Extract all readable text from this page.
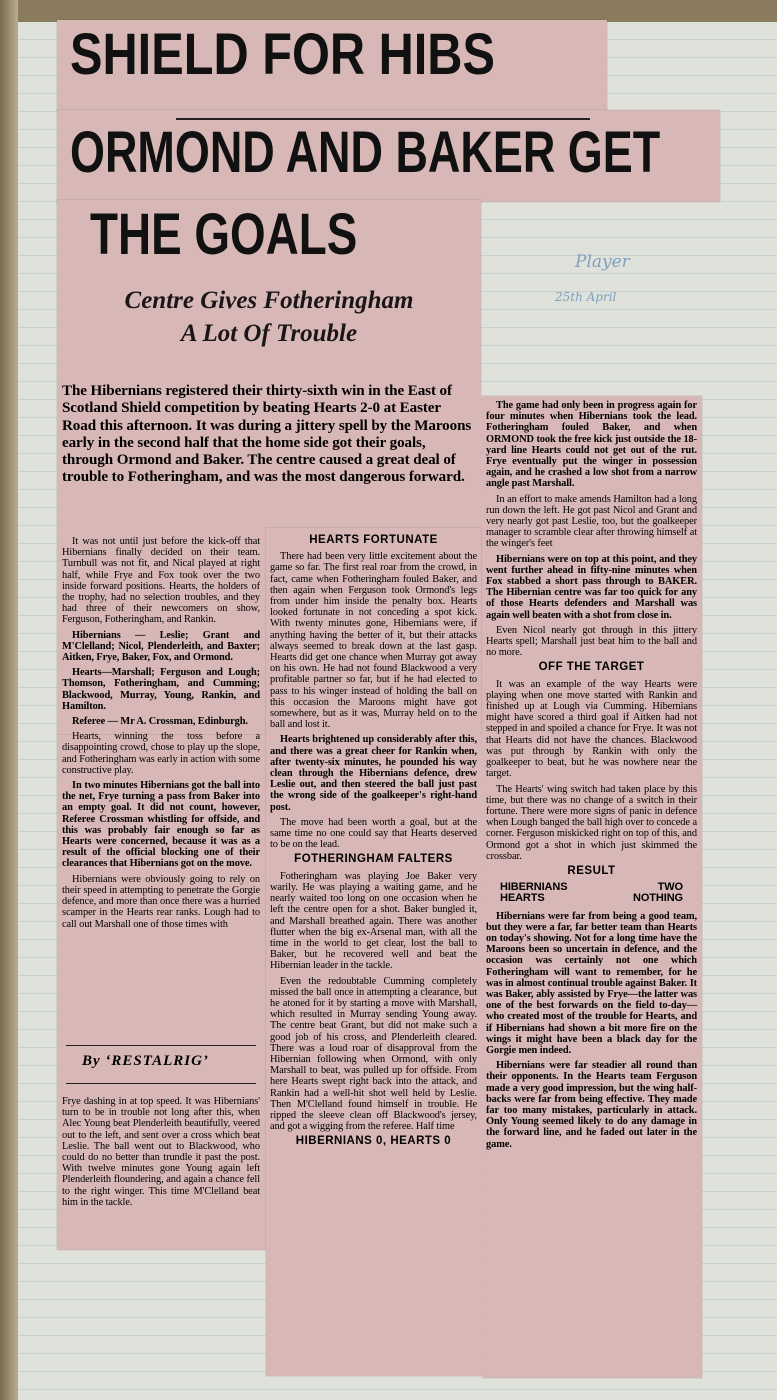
SHIELD FOR HIBS
ORMOND AND BAKER GET
THE GOALS
Centre Gives Fotheringham
A Lot Of Trouble

The Hibernians registered their thirty-sixth win in the East of Scotland Shield competition by beating Hearts 2-0 at Easter Road this afternoon. It was during a jittery spell by the Maroons early in the second half that the home side got their goals, through Ormond and Baker. The centre caused a great deal of trouble to Fotheringham, and was the most dangerous forward.

Player
25th April

It was not until just before the kick-off that Hibernians finally decided on their team. Turnbull was not fit, and Nical played at right half, while Frye and Fox took over the two inside forward positions. Hearts, the holders of the trophy, had no selection troubles, and they had three of their newcomers on show, Ferguson, Fotheringham, and Rankin.

Hibernians — Leslie; Grant and M'Clelland; Nicol, Plenderleith, and Baxter; Aitken, Frye, Baker, Fox, and Ormond.

Hearts—Marshall; Ferguson and Lough; Thomson, Fotheringham, and Cumming; Blackwood, Murray, Young, Rankin, and Hamilton.

Referee — Mr A. Crossman, Edinburgh.

Hearts, winning the toss before a disappointing crowd, chose to play up the slope, and Fotheringham was early in action with some constructive play.

In two minutes Hibernians got the ball into the net, Frye turning a pass from Baker into an empty goal. It did not count, however, Referee Crossman whistling for offside, and this was probably fair enough so far as Hearts were concerned, because it was as a result of the official blocking one of their clearances that Hibernians got on the move.

Hibernians were obviously going to rely on their speed in attempting to penetrate the Gorgie defence, and more than once there was a hurried scamper in the Hearts rear ranks. Lough had to call out Marshall one of those times with

By ‘RESTALRIG’

Frye dashing in at top speed. It was Hibernians' turn to be in trouble not long after this, when Alec Young beat Plenderleith beautifully, veered out to the left, and sent over a cross which beat Leslie. The ball went out to Blackwood, who could do no better than trundle it past the post. With twelve minutes gone Young again left Plenderleith floundering, and again a chance fell to the right winger. This time M'Clelland beat him in the tackle.

HEARTS FORTUNATE

There had been very little excitement about the game so far. The first real roar from the crowd, in fact, came when Fotheringham fouled Baker, and then again when Ferguson took Ormond's legs from under him inside the penalty box. Hearts looked fortunate in not conceding a spot kick. With twenty minutes gone, Hibernians were, if anything having the better of it, but their attacks always seemed to break down at the last gasp. Hearts did get one chance when Murray got away on his own. He had not found Blackwood a very profitable partner so far, but if he had elected to pass to his winger instead of holding the ball on this occasion the Maroons might have got somewhere, but as it was, Murray held on to the ball and lost it.

Hearts brightened up considerably after this, and there was a great cheer for Rankin when, after twenty-six minutes, he pounded his way clean through the Hibernians defence, drew Leslie out, and then steered the ball just past the wrong side of the goalkeeper's right-hand post.

The move had been worth a goal, but at the same time no one could say that Hearts deserved to be on the lead.

FOTHERINGHAM FALTERS

Fotheringham was playing Joe Baker very warily. He was playing a waiting game, and he nearly waited too long on one occasion when he left the centre open for a shot. Baker bungled it, and Marshall breathed again. There was another flutter when the big ex-Arsenal man, with all the time in the world to get clear, lost the ball to Baker, but he recovered well and beat the Hibernian leader in the tackle.

Even the redoubtable Cumming completely missed the ball once in attempting a clearance, but he atoned for it by starting a move with Marshall, which resulted in Murray sending Young away. The centre beat Grant, but did not make such a good job of his cross, and Plenderleith cleared. There was a loud roar of disapproval from the Hibernian following when Ormond, with only Marshall to beat, was pulled up for offside. From here Hearts swept right back into the attack, and Rankin had a well-hit shot well held by Leslie. Then M'Clelland found himself in trouble. He ripped the sleeve clean off Blackwood's jersey, and got a wigging from the referee. Half time

HIBERNIANS 0, HEARTS 0

The game had only been in progress again for four minutes when Hibernians took the lead. Fotheringham fouled Baker, and when ORMOND took the free kick just outside the 18-yard line Hearts could not get out of the rut. Frye eventually put the winger in possession again, and he crashed a low shot from a narrow angle past Marshall.

In an effort to make amends Hamilton had a long run down the left. He got past Nicol and Grant and very nearly got past Leslie, too, but the goalkeeper manager to scramble clear after throwing himself at the winger's feet

Hibernians were on top at this point, and they went further ahead in fifty-nine minutes when Fox stabbed a short pass through to BAKER. The Hibernian centre was far too quick for any of those Hearts defenders and Marshall was again well beaten with a shot from close in.

Even Nicol nearly got through in this jittery Hearts spell; Marshall just beat him to the ball and no more.

OFF THE TARGET

It was an example of the way Hearts were playing when one move started with Rankin and finished up at Lough via Cumming. Hibernians might have scored a third goal if Aitken had not stepped in and spoiled a chance for Frye. It was not that Hearts did not have the chances. Blackwood was put through by Rankin with only the goalkeeper to beat, but he was nowhere near the target.

The Hearts' wing switch had taken place by this time, but there was no change of a switch in their fortune. There were more signs of panic in defence when Lough banged the ball high over to concede a corner. Ferguson miskicked right on top of this, and Ormond got a shot in which just skimmed the crossbar.

RESULT
HIBERNIANS	TWO
HEARTS	NOTHING

Hibernians were far from being a good team, but they were a far, far better team than Hearts on today's showing. Not for a long time have the Maroons been so uncertain in defence, and the occasion was certainly not one which Fotheringham will want to remember, for he was in almost continual trouble against Baker. It was Baker, ably assisted by Frye—the latter was one of the best forwards on the field to-day—who created most of the trouble for Hearts, and if Hibernians had shown a bit more fire on the wings it might have been a black day for the Gorgie men indeed.

Hibernians were far steadier all round than their opponents. In the Hearts team Ferguson made a very good impression, but the wing half-backs were far from being effective. They made far too many mistakes, particularly in attack. Only Young seemed likely to do any damage in the forward line, and he faded out later in the game.
